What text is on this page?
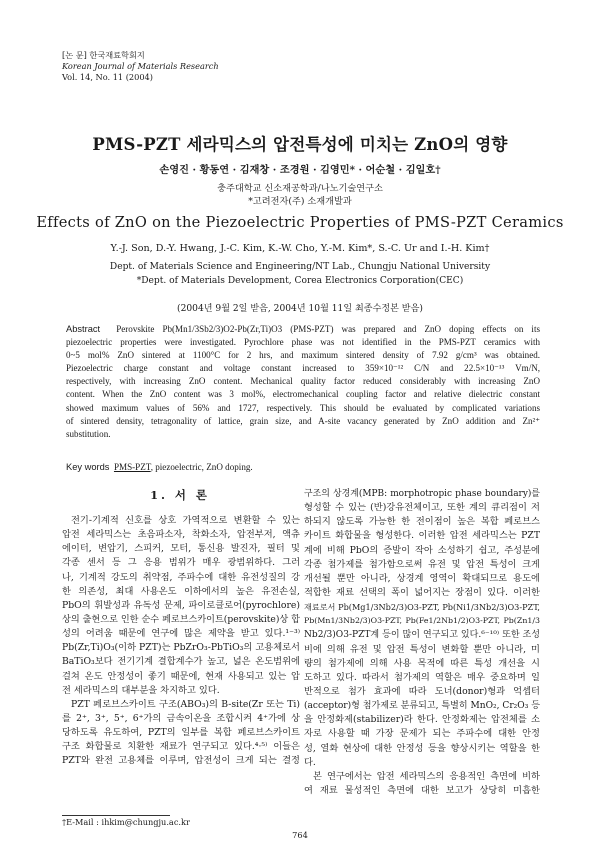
[논 문] 한국재료학회지
Korean Journal of Materials Research
Vol. 14, No. 11 (2004)
PMS-PZT 세라믹스의 압전특성에 미치는 ZnO의 영향
손영진 · 황동연 · 김재창 · 조경원 · 김영민* · 어순철 · 김일호†
충주대학교 신소재공학과/나노기술연구소
*고려전자(주) 소재개발과
Effects of ZnO on the Piezoelectric Properties of PMS-PZT Ceramics
Y.-J. Son, D.-Y. Hwang, J.-C. Kim, K.-W. Cho, Y.-M. Kim*, S.-C. Ur and I.-H. Kim†
Dept. of Materials Science and Engineering/NT Lab., Chungju National University
*Dept. of Materials Development, Corea Electronics Corporation(CEC)
(2004년 9월 2일 받음, 2004년 10월 11일 최종수정본 받음)
Abstract Perovskite Pb(Mn1/3Sb2/3)O2-Pb(Zr,Ti)O3 (PMS-PZT) was prepared and ZnO doping effects on its
piezoelectric properties were investigated. Pyrochlore phase was not identified in the PMS-PZT ceramics with
0~5 mol% ZnO sintered at 1100°C for 2 hrs, and maximum sintered density of 7.92 g/cm³ was obtained.
Piezoelectric charge constant and voltage constant increased to 359×10⁻¹² C/N and 22.5×10⁻¹³ Vm/N,
respectively, with increasing ZnO content. Mechanical quality factor reduced considerably with increasing ZnO
content. When the ZnO content was 3 mol%, electromechanical coupling factor and relative dielectric constant
showed maximum values of 56% and 1727, respectively. This should be evaluated by complicated variations
of sintered density, tetragonality of lattice, grain size, and A-site vacancy generated by ZnO addition and Zn²⁺
substitution.
Key words PMS-PZT, piezoelectric, ZnO doping.
1. 서 론
전기-기계적 신호를 상호 가역적으로 변환할 수 있는
압전 세라믹스는 초음파소자, 착화소자, 압전부저, 액츄
에이터, 변압기, 스피커, 모터, 통신용 발진자, 필터 및
각종 센서 등 그 응용 범위가 매우 광범위하다. 그러
나, 기계적 강도의 취약점, 주파수에 대한 유전성질의 강
한 의존성, 최대 사용온도 이하에서의 높은 유전손실,
PbO의 휘발성과 유독성 문제, 파이로클로어(pyrochlore)
상의 출현으로 인한 순수 페로브스카이트(perovskite)상 합
성의 어려움 때문에 연구에 많은 제약을 받고 있다.¹⁻³⁾
Pb(Zr,Ti)O₃(이하 PZT)는 PbZrO₃-PbTiO₃의 고용체로서
BaTiO₃보다 전기기계 결합계수가 높고, 넓은 온도범위에
걸쳐 온도 안정성이 좋기 때문에, 현재 사용되고 있는 압
전 세라믹스의 대부분을 차지하고 있다.
PZT 페로브스카이트 구조(ABO₃)의 B-site(Zr 또는 Ti)
를 2⁺, 3⁺, 5⁺, 6⁺가의 금속이온을 조합시켜 4⁺가에 상
당하도록 유도하여, PZT의 일부를 복합 페로브스카이트
구조 화합물로 치환한 재료가 연구되고 있다.⁴·⁵⁾ 이들은
PZT와 완전 고용체를 이루며, 압전성이 크게 되는 결정
구조의 상경계(MPB: morphotropic phase boundary)를
형성할 수 있는 (반)강유전체이고, 또한 계의 큐리점이 저
하되지 않도록 가능한 한 전이점이 높은 복합 페로브스
카이트 화합물을 형성한다. 이러한 압전 세라믹스는 PZT
계에 비해 PbO의 증발이 작아 소성하기 쉽고, 주성분에
각종 첨가제를 첨가함으로써 유전 및 압전 특성이 크게
개선될 뿐만 아니라, 상경계 영역이 확대되므로 용도에
적합한 재료 선택의 폭이 넓어지는 장점이 있다. 이러한
재료로서 Pb(Mg1/3Nb2/3)O3-PZT, Pb(Ni1/3Nb2/3)O3-PZT,
Pb(Mn1/3Nb2/3)O3-PZT, Pb(Fe1/2Nb1/2)O3-PZT, Pb(Zn1/3
Nb2/3)O3-PZT계 등이 많이 연구되고 있다.⁶⁻¹⁰⁾ 또한 조성
비에 의해 유전 및 압전 특성이 변화할 뿐만 아니라, 미
량의 첨가제에 의해 사용 목적에 따른 특성 개선을 시
도하고 있다. 따라서 첨가제의 역할은 매우 중요하며 일
반적으로 첨가 효과에 따라 도너(donor)형과 억셉터
(acceptor)형 첨가제로 분류되고, 특별히 MnO₂, Cr₂O₃ 등
을 안정화제(stabilizer)라 한다. 안정화제는 압전체를 소
자로 사용할 때 가장 문제가 되는 주파수에 대한 안정
성, 열화 현상에 대한 안정성 등을 향상시키는 역할을 한
다.
본 연구에서는 압전 세라믹스의 응용적인 측면에 비하
여 재료 물성적인 측면에 대한 보고가 상당히 미흡한
†E-Mail : ihkim@chungju.ac.kr
764
